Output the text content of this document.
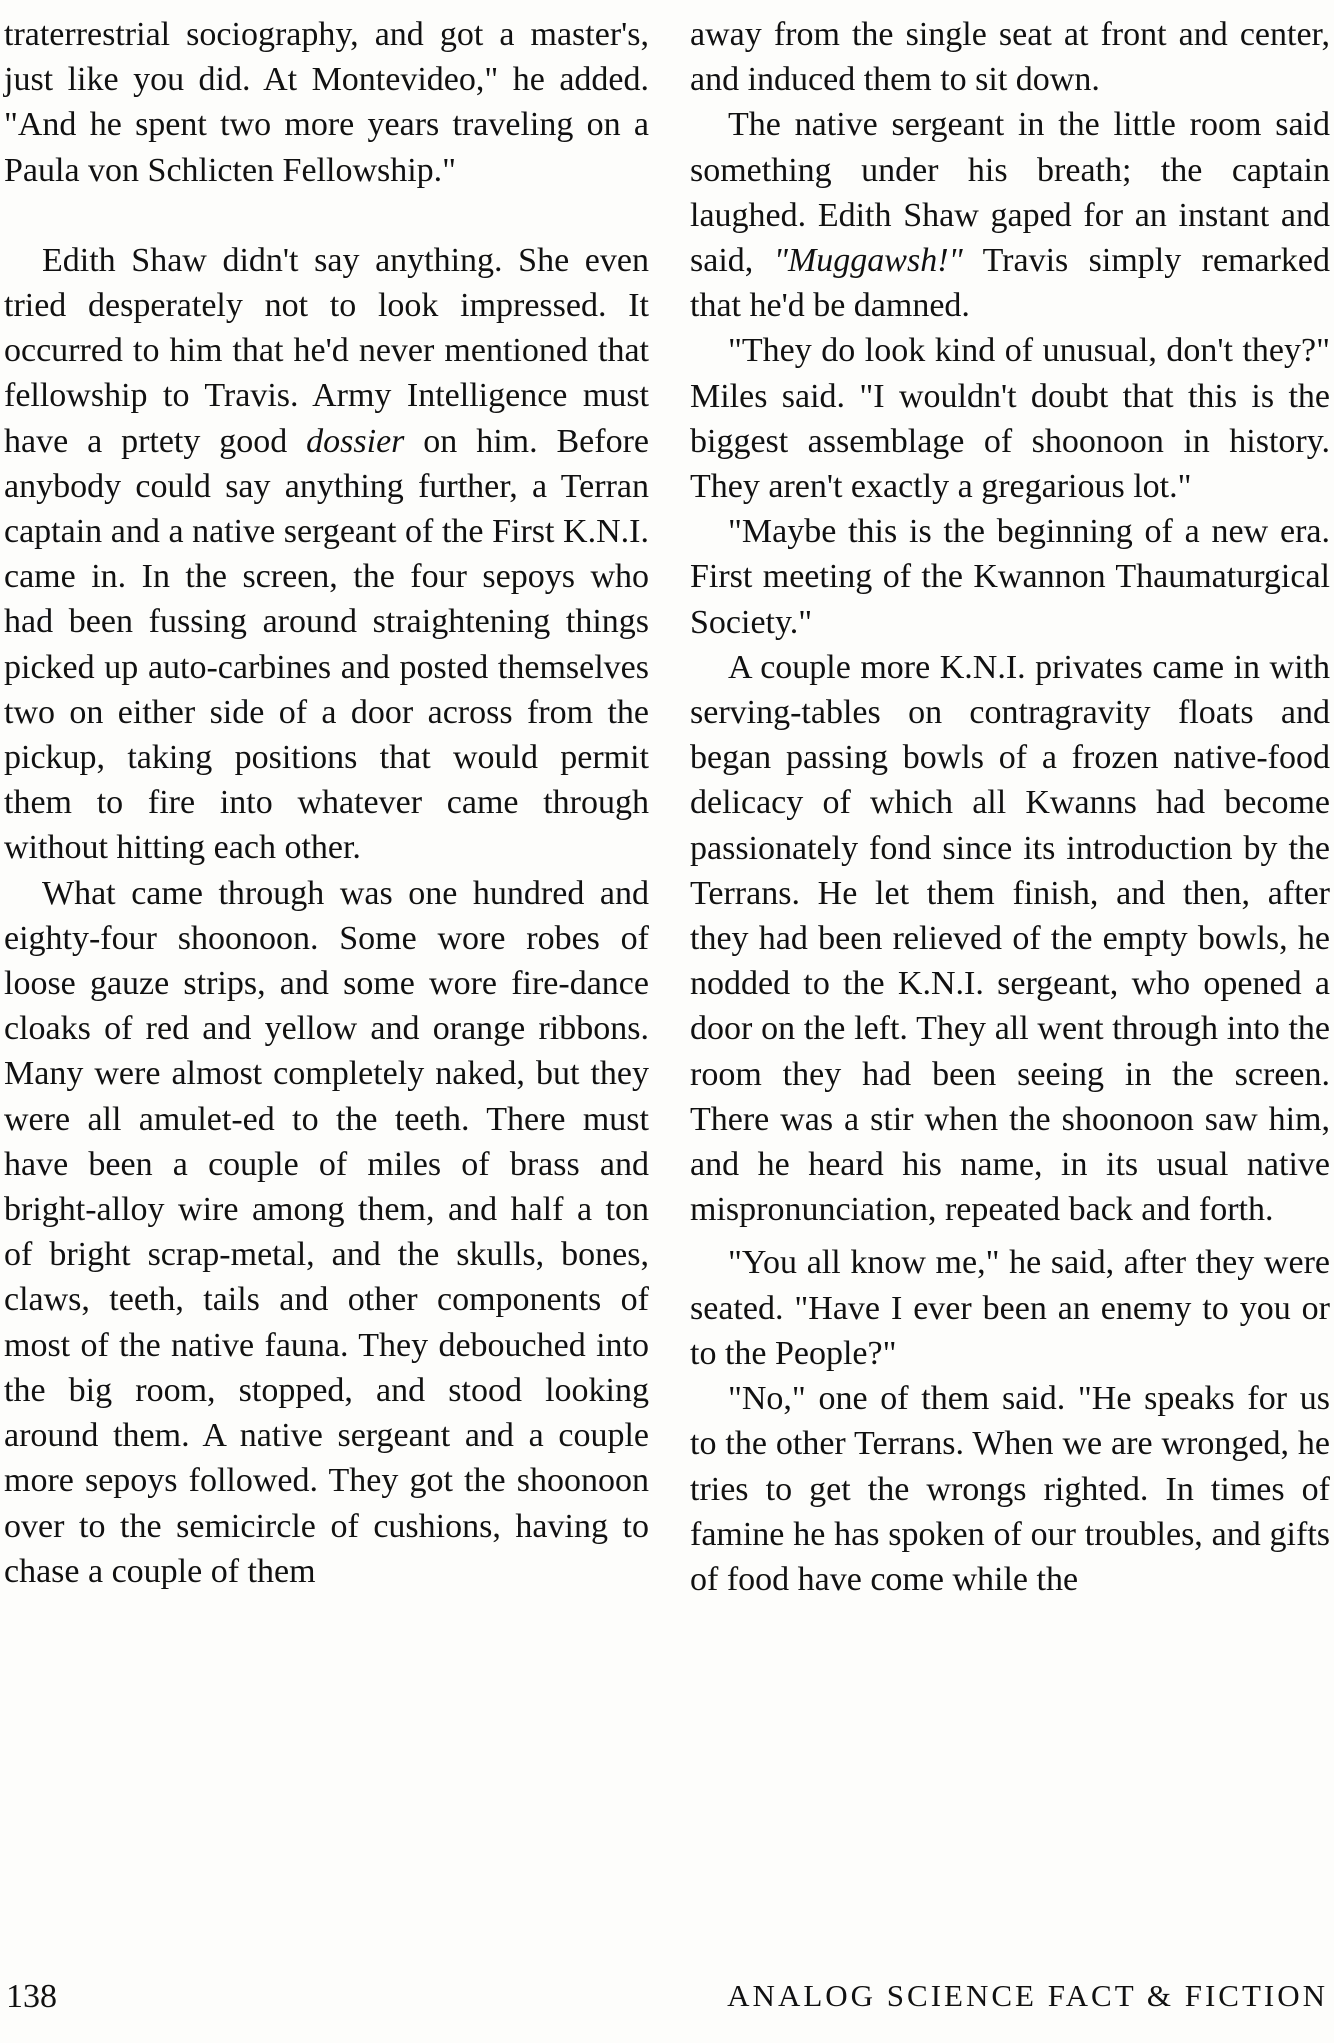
traterrestrial sociography, and got a master's, just like you did. At Montevideo," he added. "And he spent two more years traveling on a Paula von Schlicten Fellowship."

Edith Shaw didn't say anything. She even tried desperately not to look impressed. It occurred to him that he'd never mentioned that fellowship to Travis. Army Intelligence must have a prtety good dossier on him. Before anybody could say anything further, a Terran captain and a native sergeant of the First K.N.I. came in. In the screen, the four sepoys who had been fussing around straightening things picked up auto-carbines and posted themselves two on either side of a door across from the pickup, taking positions that would permit them to fire into whatever came through without hitting each other.

What came through was one hundred and eighty-four shoonoon. Some wore robes of loose gauze strips, and some wore fire-dance cloaks of red and yellow and orange ribbons. Many were almost completely naked, but they were all amulet-ed to the teeth. There must have been a couple of miles of brass and bright-alloy wire among them, and half a ton of bright scrap-metal, and the skulls, bones, claws, teeth, tails and other components of most of the native fauna. They debouched into the big room, stopped, and stood looking around them. A native sergeant and a couple more sepoys followed. They got the shoonoon over to the semicircle of cushions, having to chase a couple of them

away from the single seat at front and center, and induced them to sit down.

The native sergeant in the little room said something under his breath; the captain laughed. Edith Shaw gaped for an instant and said, "Muggawsh!" Travis simply remarked that he'd be damned.

"They do look kind of unusual, don't they?" Miles said. "I wouldn't doubt that this is the biggest assemblage of shoonoon in history. They aren't exactly a gregarious lot."

"Maybe this is the beginning of a new era. First meeting of the Kwannon Thaumaturgical Society."

A couple more K.N.I. privates came in with serving-tables on contragravity floats and began passing bowls of a frozen native-food delicacy of which all Kwanns had become passionately fond since its introduction by the Terrans. He let them finish, and then, after they had been relieved of the empty bowls, he nodded to the K.N.I. sergeant, who opened a door on the left. They all went through into the room they had been seeing in the screen. There was a stir when the shoonoon saw him, and he heard his name, in its usual native mispronunciation, repeated back and forth.

"You all know me," he said, after they were seated. "Have I ever been an enemy to you or to the People?"

"No," one of them said. "He speaks for us to the other Terrans. When we are wronged, he tries to get the wrongs righted. In times of famine he has spoken of our troubles, and gifts of food have come while the

138	ANALOG SCIENCE FACT & FICTION
